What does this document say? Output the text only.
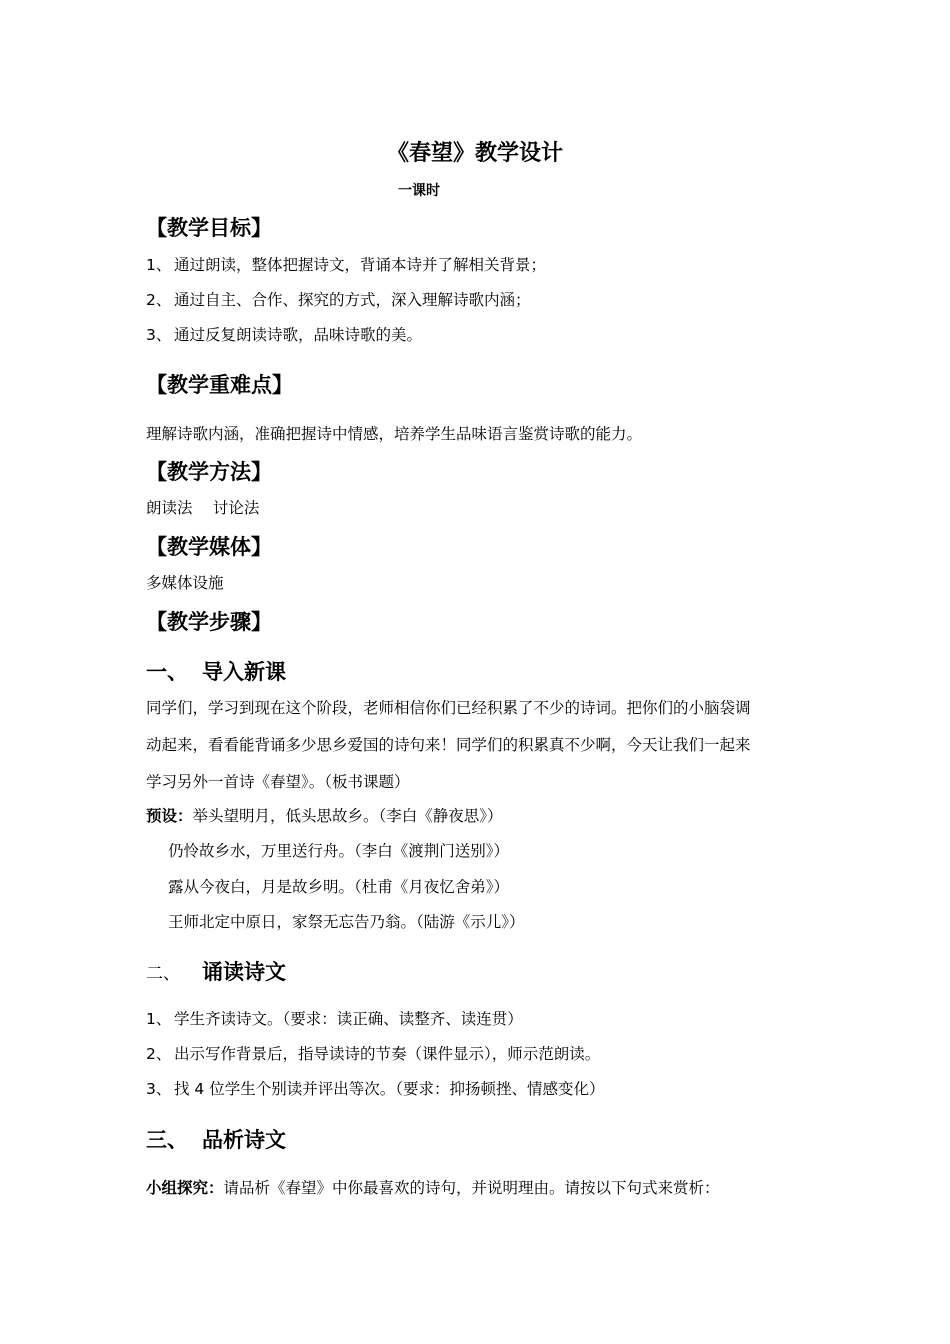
《春望》教学设计
一课时
【教学目标】
1、 通过朗读，整体把握诗文，背诵本诗并了解相关背景；
2、 通过自主、合作、探究的方式，深入理解诗歌内涵；
3、 通过反复朗读诗歌，品味诗歌的美。
【教学重难点】
理解诗歌内涵，准确把握诗中情感，培养学生品味语言鉴赏诗歌的能力。
【教学方法】
朗读法　 讨论法
【教学媒体】
多媒体设施
【教学步骤】
一、 导入新课
同学们，学习到现在这个阶段，老师相信你们已经积累了不少的诗词。把你们的小脑袋调
动起来，看看能背诵多少思乡爱国的诗句来！同学们的积累真不少啊，今天让我们一起来
学习另外一首诗《春望》。（板书课题）
预设：举头望明月，低头思故乡。（李白《静夜思》）
仍怜故乡水，万里送行舟。（李白《渡荆门送别》）
露从今夜白，月是故乡明。（杜甫《月夜忆舍弟》）
王师北定中原日，家祭无忘告乃翁。（陆游《示儿》）
二、 诵读诗文
1、 学生齐读诗文。（要求：读正确、读整齐、读连贯）
2、 出示写作背景后，指导读诗的节奏（课件显示），师示范朗读。
3、 找 4 位学生个别读并评出等次。（要求：抑扬顿挫、情感变化）
三、 品析诗文
小组探究：请品析《春望》中你最喜欢的诗句，并说明理由。请按以下句式来赏析：
